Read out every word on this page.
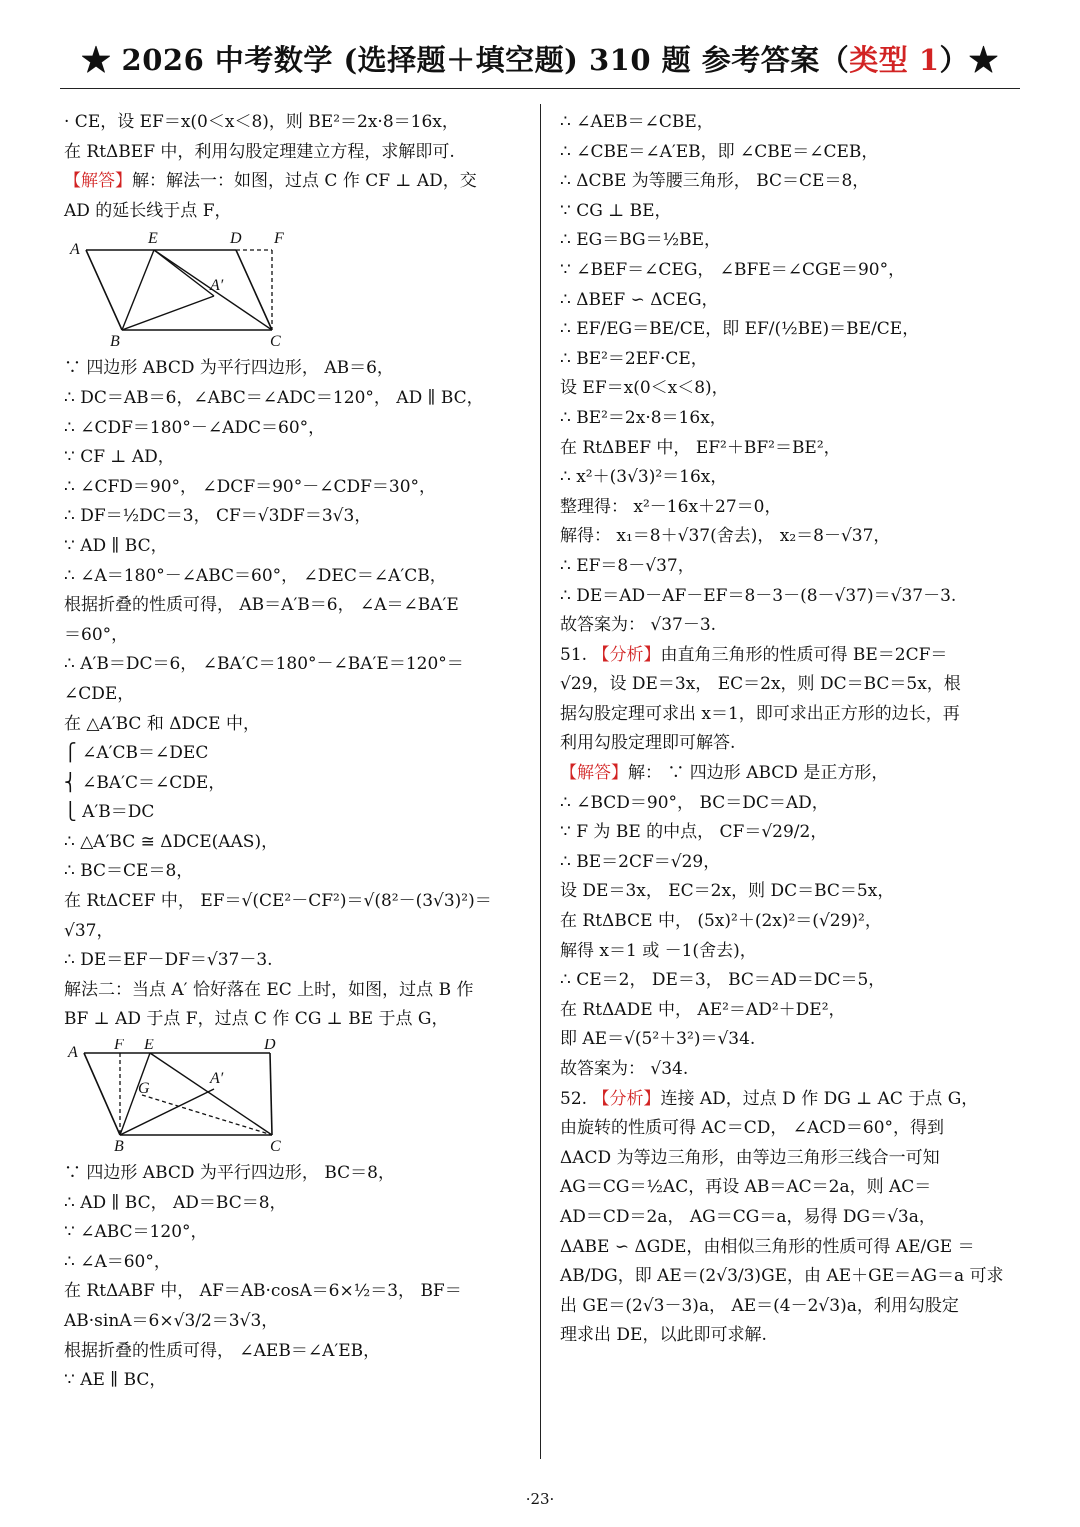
★ 2026 中考数学 (选择题＋填空题) 310 题 参考答案（类型 1）★
· CE，设 EF＝x(0＜x＜8)，则 BE²＝2x·8＝16x，
在 RtΔBEF 中，利用勾股定理建立方程，求解即可.
【解答】解：解法一：如图，过点 C 作 CF ⊥ AD，交
AD 的延长线于点 F，
A
E	D F
A′
B	C
∵ 四边形 ABCD 为平行四边形， AB＝6，
∴ DC＝AB＝6，∠ABC＝∠ADC＝120°， AD ∥ BC，
∴ ∠CDF＝180°－∠ADC＝60°，
∵ CF ⊥ AD，
∴ ∠CFD＝90°， ∠DCF＝90°－∠CDF＝30°，
∴ DF＝½DC＝3， CF＝√3DF＝3√3，
∵ AD ∥ BC，
∴ ∠A＝180°－∠ABC＝60°， ∠DEC＝∠A′CB，
根据折叠的性质可得， AB＝A′B＝6， ∠A＝∠BA′E
＝60°，
∴ A′B＝DC＝6， ∠BA′C＝180°－∠BA′E＝120°＝
∠CDE，
在 △A′BC 和 ΔDCE 中，
⎧ ∠A′CB＝∠DEC
⎨ ∠BA′C＝∠CDE，
⎩ A′B＝DC
∴ △A′BC ≅ ΔDCE(AAS)，
∴ BC＝CE＝8，
在 RtΔCEF 中， EF＝√(CE²－CF²)＝√(8²－(3√3)²)＝
√37，
∴ DE＝EF－DF＝√37－3.
解法二：当点 A′ 恰好落在 EC 上时，如图，过点 B 作
BF ⊥ AD 于点 F，过点 C 作 CG ⊥ BE 于点 G，
A F E	D
G
A′
B	C
∵ 四边形 ABCD 为平行四边形， BC＝8，
∴ AD ∥ BC， AD＝BC＝8，
∵ ∠ABC＝120°，
∴ ∠A＝60°，
在 RtΔABF 中， AF＝AB·cosA＝6×½＝3， BF＝
AB·sinA＝6×√3/2＝3√3，
根据折叠的性质可得， ∠AEB＝∠A′EB，
∵ AE ∥ BC，
∴ ∠AEB＝∠CBE，
∴ ∠CBE＝∠A′EB，即 ∠CBE＝∠CEB，
∴ ΔCBE 为等腰三角形， BC＝CE＝8，
∵ CG ⊥ BE，
∴ EG＝BG＝½BE，
∵ ∠BEF＝∠CEG， ∠BFE＝∠CGE＝90°，
∴ ΔBEF ∽ ΔCEG，
∴ EF/EG＝BE/CE，即 EF/(½BE)＝BE/CE，
∴ BE²＝2EF·CE，
设 EF＝x(0＜x＜8)，
∴ BE²＝2x·8＝16x，
在 RtΔBEF 中， EF²＋BF²＝BE²，
∴ x²＋(3√3)²＝16x，
整理得： x²－16x＋27＝0，
解得： x₁＝8＋√37(舍去)， x₂＝8－√37，
∴ EF＝8－√37，
∴ DE＝AD－AF－EF＝8－3－(8－√37)＝√37－3.
故答案为： √37－3.
51. 【分析】由直角三角形的性质可得 BE＝2CF＝
√29，设 DE＝3x， EC＝2x，则 DC＝BC＝5x，根
据勾股定理可求出 x＝1，即可求出正方形的边长，再
利用勾股定理即可解答.
【解答】解： ∵ 四边形 ABCD 是正方形，
∴ ∠BCD＝90°， BC＝DC＝AD，
∵ F 为 BE 的中点， CF＝√29/2，
∴ BE＝2CF＝√29，
设 DE＝3x， EC＝2x，则 DC＝BC＝5x，
在 RtΔBCE 中， (5x)²＋(2x)²＝(√29)²，
解得 x＝1 或 －1(舍去)，
∴ CE＝2， DE＝3， BC＝AD＝DC＝5，
在 RtΔADE 中， AE²＝AD²＋DE²，
即 AE＝√(5²＋3²)＝√34.
故答案为： √34.
52. 【分析】连接 AD，过点 D 作 DG ⊥ AC 于点 G，
由旋转的性质可得 AC＝CD， ∠ACD＝60°，得到
ΔACD 为等边三角形，由等边三角形三线合一可知
AG＝CG＝½AC，再设 AB＝AC＝2a，则 AC＝
AD＝CD＝2a， AG＝CG＝a，易得 DG＝√3a，
ΔABE ∽ ΔGDE，由相似三角形的性质可得 AE/GE ＝
AB/DG，即 AE＝(2√3/3)GE，由 AE＋GE＝AG＝a 可求
出 GE＝(2√3－3)a， AE＝(4－2√3)a，利用勾股定
理求出 DE，以此即可求解.
·23·
